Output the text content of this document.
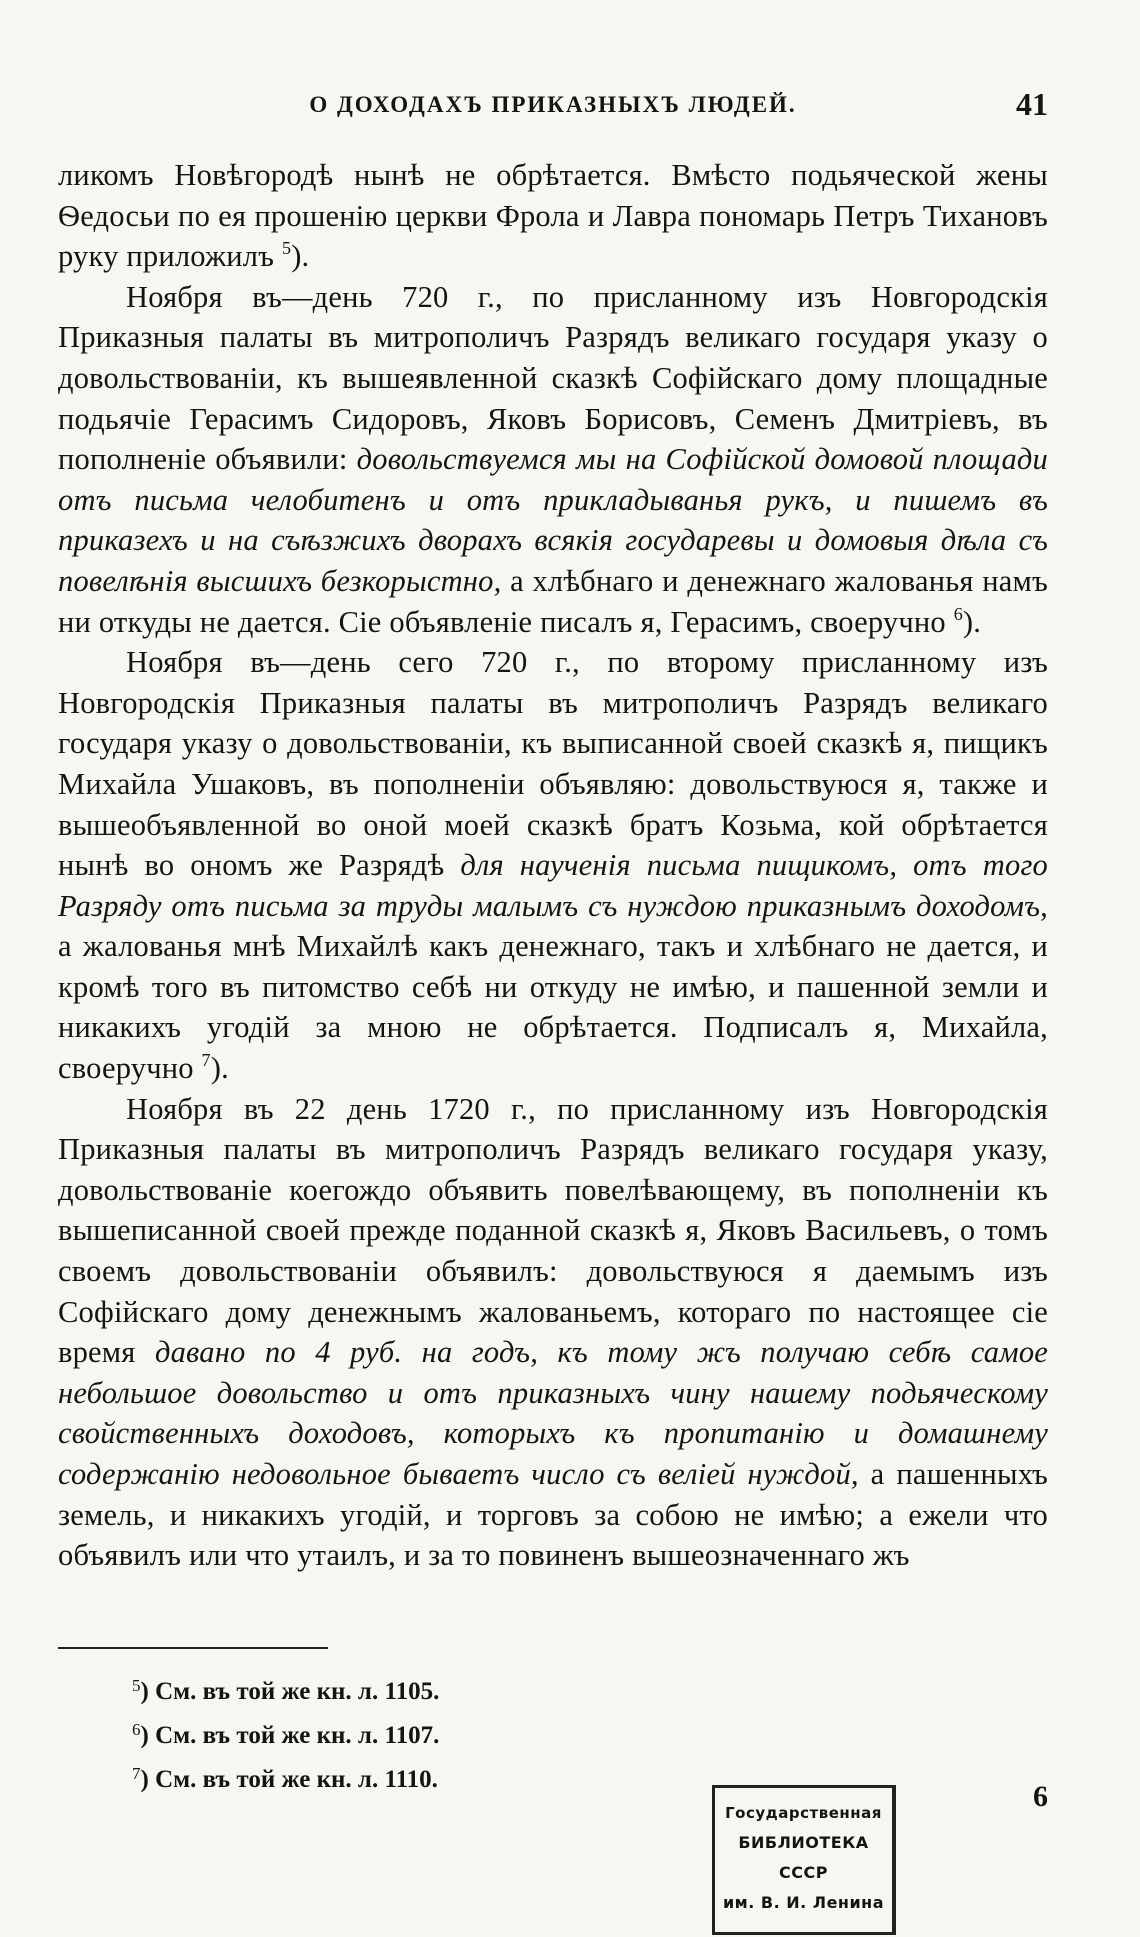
О ДОХОДАХЪ ПРИКАЗНЫХЪ ЛЮДЕЙ.	41

ликомъ Новѣгородѣ нынѣ не обрѣтается. Вмѣсто подьяческой жены Ѳедосьи по ея прошенiю церкви Фрола и Лавра пономарь Петръ Тихановъ руку приложилъ $^5$).

Ноября въ—день 720 г., по присланному изъ Новгородскiя Приказныя палаты въ митрополичъ Разрядъ великаго государя указу о довольствованiи, къ вышеявленной сказкѣ Софiйскаго дому площадные подьячiе Герасимъ Сидоровъ, Яковъ Борисовъ, Семенъ Дмитрiевъ, въ пополненiе объявили: довольствуемся мы на Софiйской домовой площади отъ письма челобитенъ и отъ прикладыванья рукъ, и пишемъ въ приказехъ и на съѣзжихъ дворахъ всякiя государевы и домовыя дѣла съ повелѣнiя высшихъ безкорыстно, а хлѣбнаго и денежнаго жалованья намъ ни откуды не дается. Сiе объявленiе писалъ я, Герасимъ, своеручно $^6$).

Ноября въ—день сего 720 г., по второму присланному изъ Новгородскiя Приказныя палаты въ митрополичъ Разрядъ великаго государя указу о довольствованiи, къ выписанной своей сказкѣ я, пищикъ Михайла Ушаковъ, въ пополненiи объявляю: довольствуюся я, также и вышеобъявленной во оной моей сказкѣ братъ Козьма, кой обрѣтается нынѣ во ономъ же Разрядѣ для наученiя письма пищикомъ, отъ того Разряду отъ письма за труды малымъ съ нуждою приказнымъ доходомъ, а жалованья мнѣ Михайлѣ какъ денежнаго, такъ и хлѣбнаго не дается, и кромѣ того въ питомство себѣ ни откуду не имѣю, и пашенной земли и никакихъ угодiй за мною не обрѣтается. Подписалъ я, Михайла, своеручно $^7$).

Ноября въ 22 день 1720 г., по присланному изъ Новгородскiя Приказныя палаты въ митрополичъ Разрядъ великаго государя указу, довольствованiе коегождо объявить повелѣвающему, въ пополненiи къ вышеписанной своей прежде поданной сказкѣ я, Яковъ Васильевъ, о томъ своемъ довольствованiи объявилъ: довольствуюся я даемымъ изъ Софiйскаго дому денежнымъ жалованьемъ, котораго по настоящее сiе время давано по 4 руб. на годъ, къ тому жъ получаю себѣ самое небольшое довольство и отъ приказныхъ чину нашему подьяческому свойственныхъ доходовъ, которыхъ къ пропитанiю и домашнему содержанiю недовольное бываетъ число съ велiей нуждой, а пашенныхъ земель, и никакихъ угодiй, и торговъ за собою не имѣю; а ежели что объявилъ или что утаилъ, и за то повиненъ вышеозначеннаго жъ

$^5$) См. въ той же кн. л. 1105.
$^6$) См. въ той же кн. л. 1107.
$^7$) См. въ той же кн. л. 1110.
6
Государственная
БИБЛИОТЕКА
СССР
им. В. И. Ленина
